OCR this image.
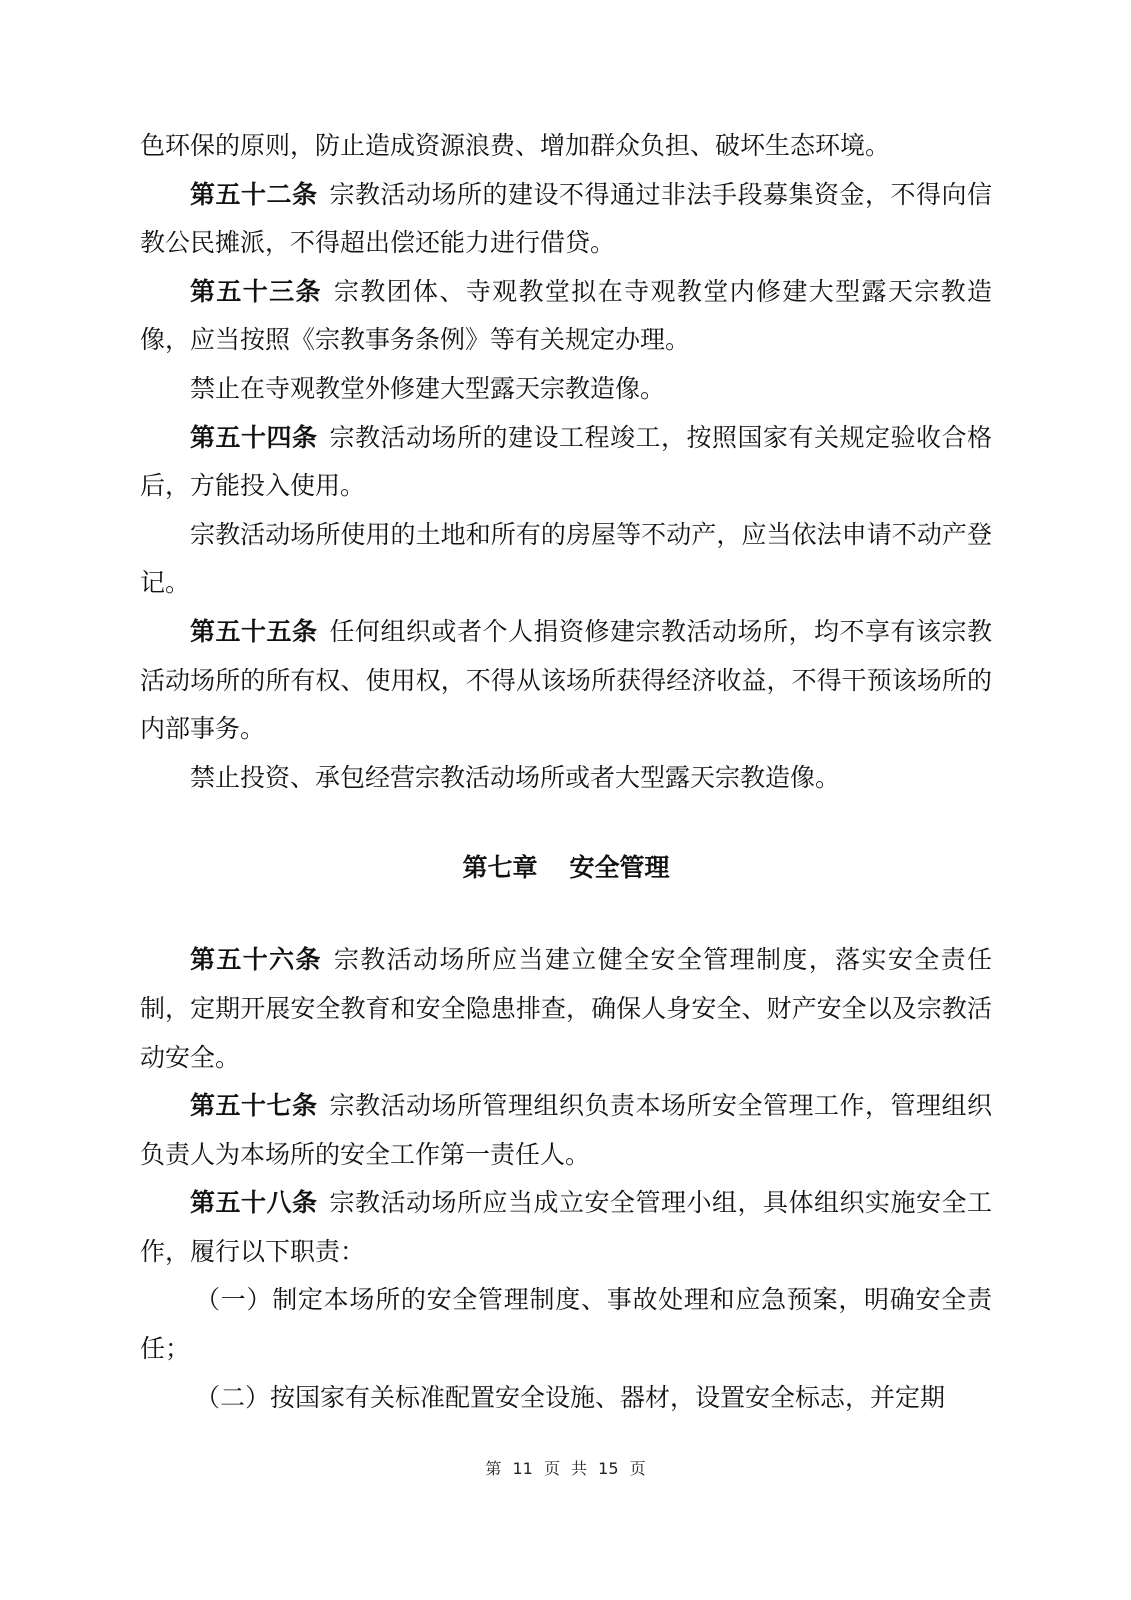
色环保的原则，防止造成资源浪费、增加群众负担、破坏生态环境。

第五十二条 宗教活动场所的建设不得通过非法手段募集资金，不得向信教公民摊派，不得超出偿还能力进行借贷。

第五十三条 宗教团体、寺观教堂拟在寺观教堂内修建大型露天宗教造像，应当按照《宗教事务条例》等有关规定办理。

禁止在寺观教堂外修建大型露天宗教造像。

第五十四条 宗教活动场所的建设工程竣工，按照国家有关规定验收合格后，方能投入使用。

宗教活动场所使用的土地和所有的房屋等不动产，应当依法申请不动产登记。

第五十五条 任何组织或者个人捐资修建宗教活动场所，均不享有该宗教活动场所的所有权、使用权，不得从该场所获得经济收益，不得干预该场所的内部事务。

禁止投资、承包经营宗教活动场所或者大型露天宗教造像。

第七章 安全管理

第五十六条 宗教活动场所应当建立健全安全管理制度，落实安全责任制，定期开展安全教育和安全隐患排查，确保人身安全、财产安全以及宗教活动安全。

第五十七条 宗教活动场所管理组织负责本场所安全管理工作，管理组织负责人为本场所的安全工作第一责任人。

第五十八条 宗教活动场所应当成立安全管理小组，具体组织实施安全工作，履行以下职责：

（一）制定本场所的安全管理制度、事故处理和应急预案，明确安全责任；

（二）按国家有关标准配置安全设施、器材，设置安全标志，并定期

第 11 页 共 15 页
